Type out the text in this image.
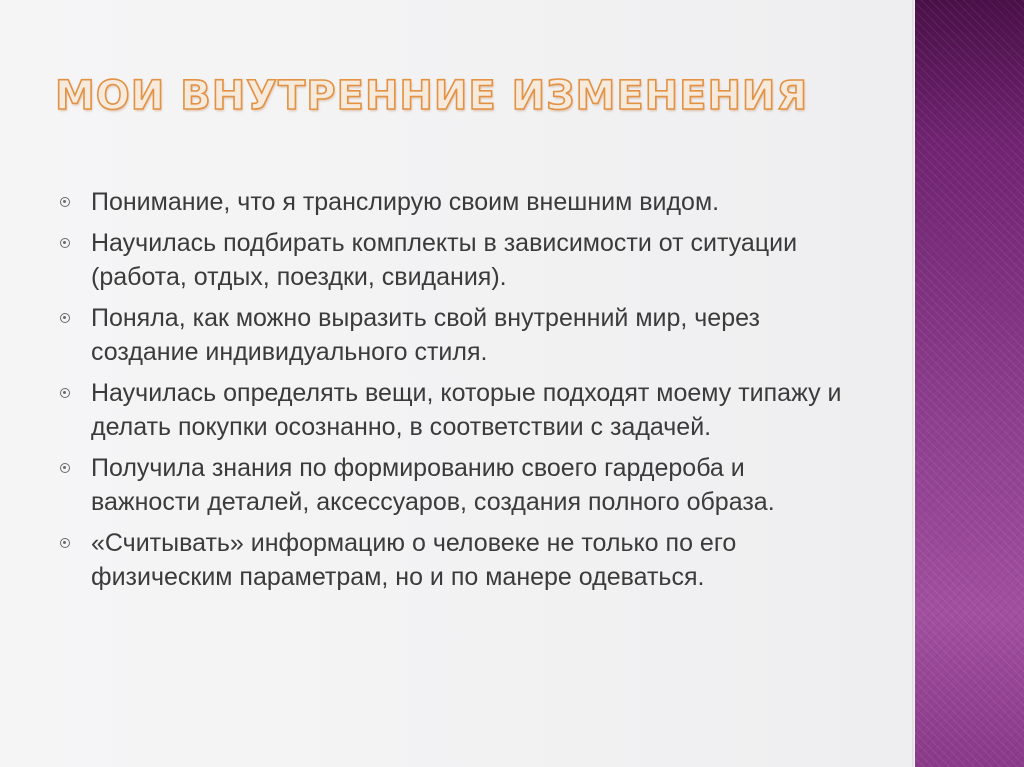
МОИ ВНУТРЕННИЕ ИЗМЕНЕНИЯ
Понимание, что я транслирую своим внешним видом.
Научилась подбирать комплекты в зависимости от ситуации (работа, отдых, поездки, свидания).
Поняла, как можно выразить свой внутренний мир, через создание индивидуального стиля.
Научилась определять вещи, которые подходят моему типажу и делать покупки осознанно, в соответствии с задачей.
Получила знания по формированию своего гардероба и важности деталей, аксессуаров, создания полного образа.
«Считывать» информацию о человеке не только по его физическим параметрам, но и по манере одеваться.
